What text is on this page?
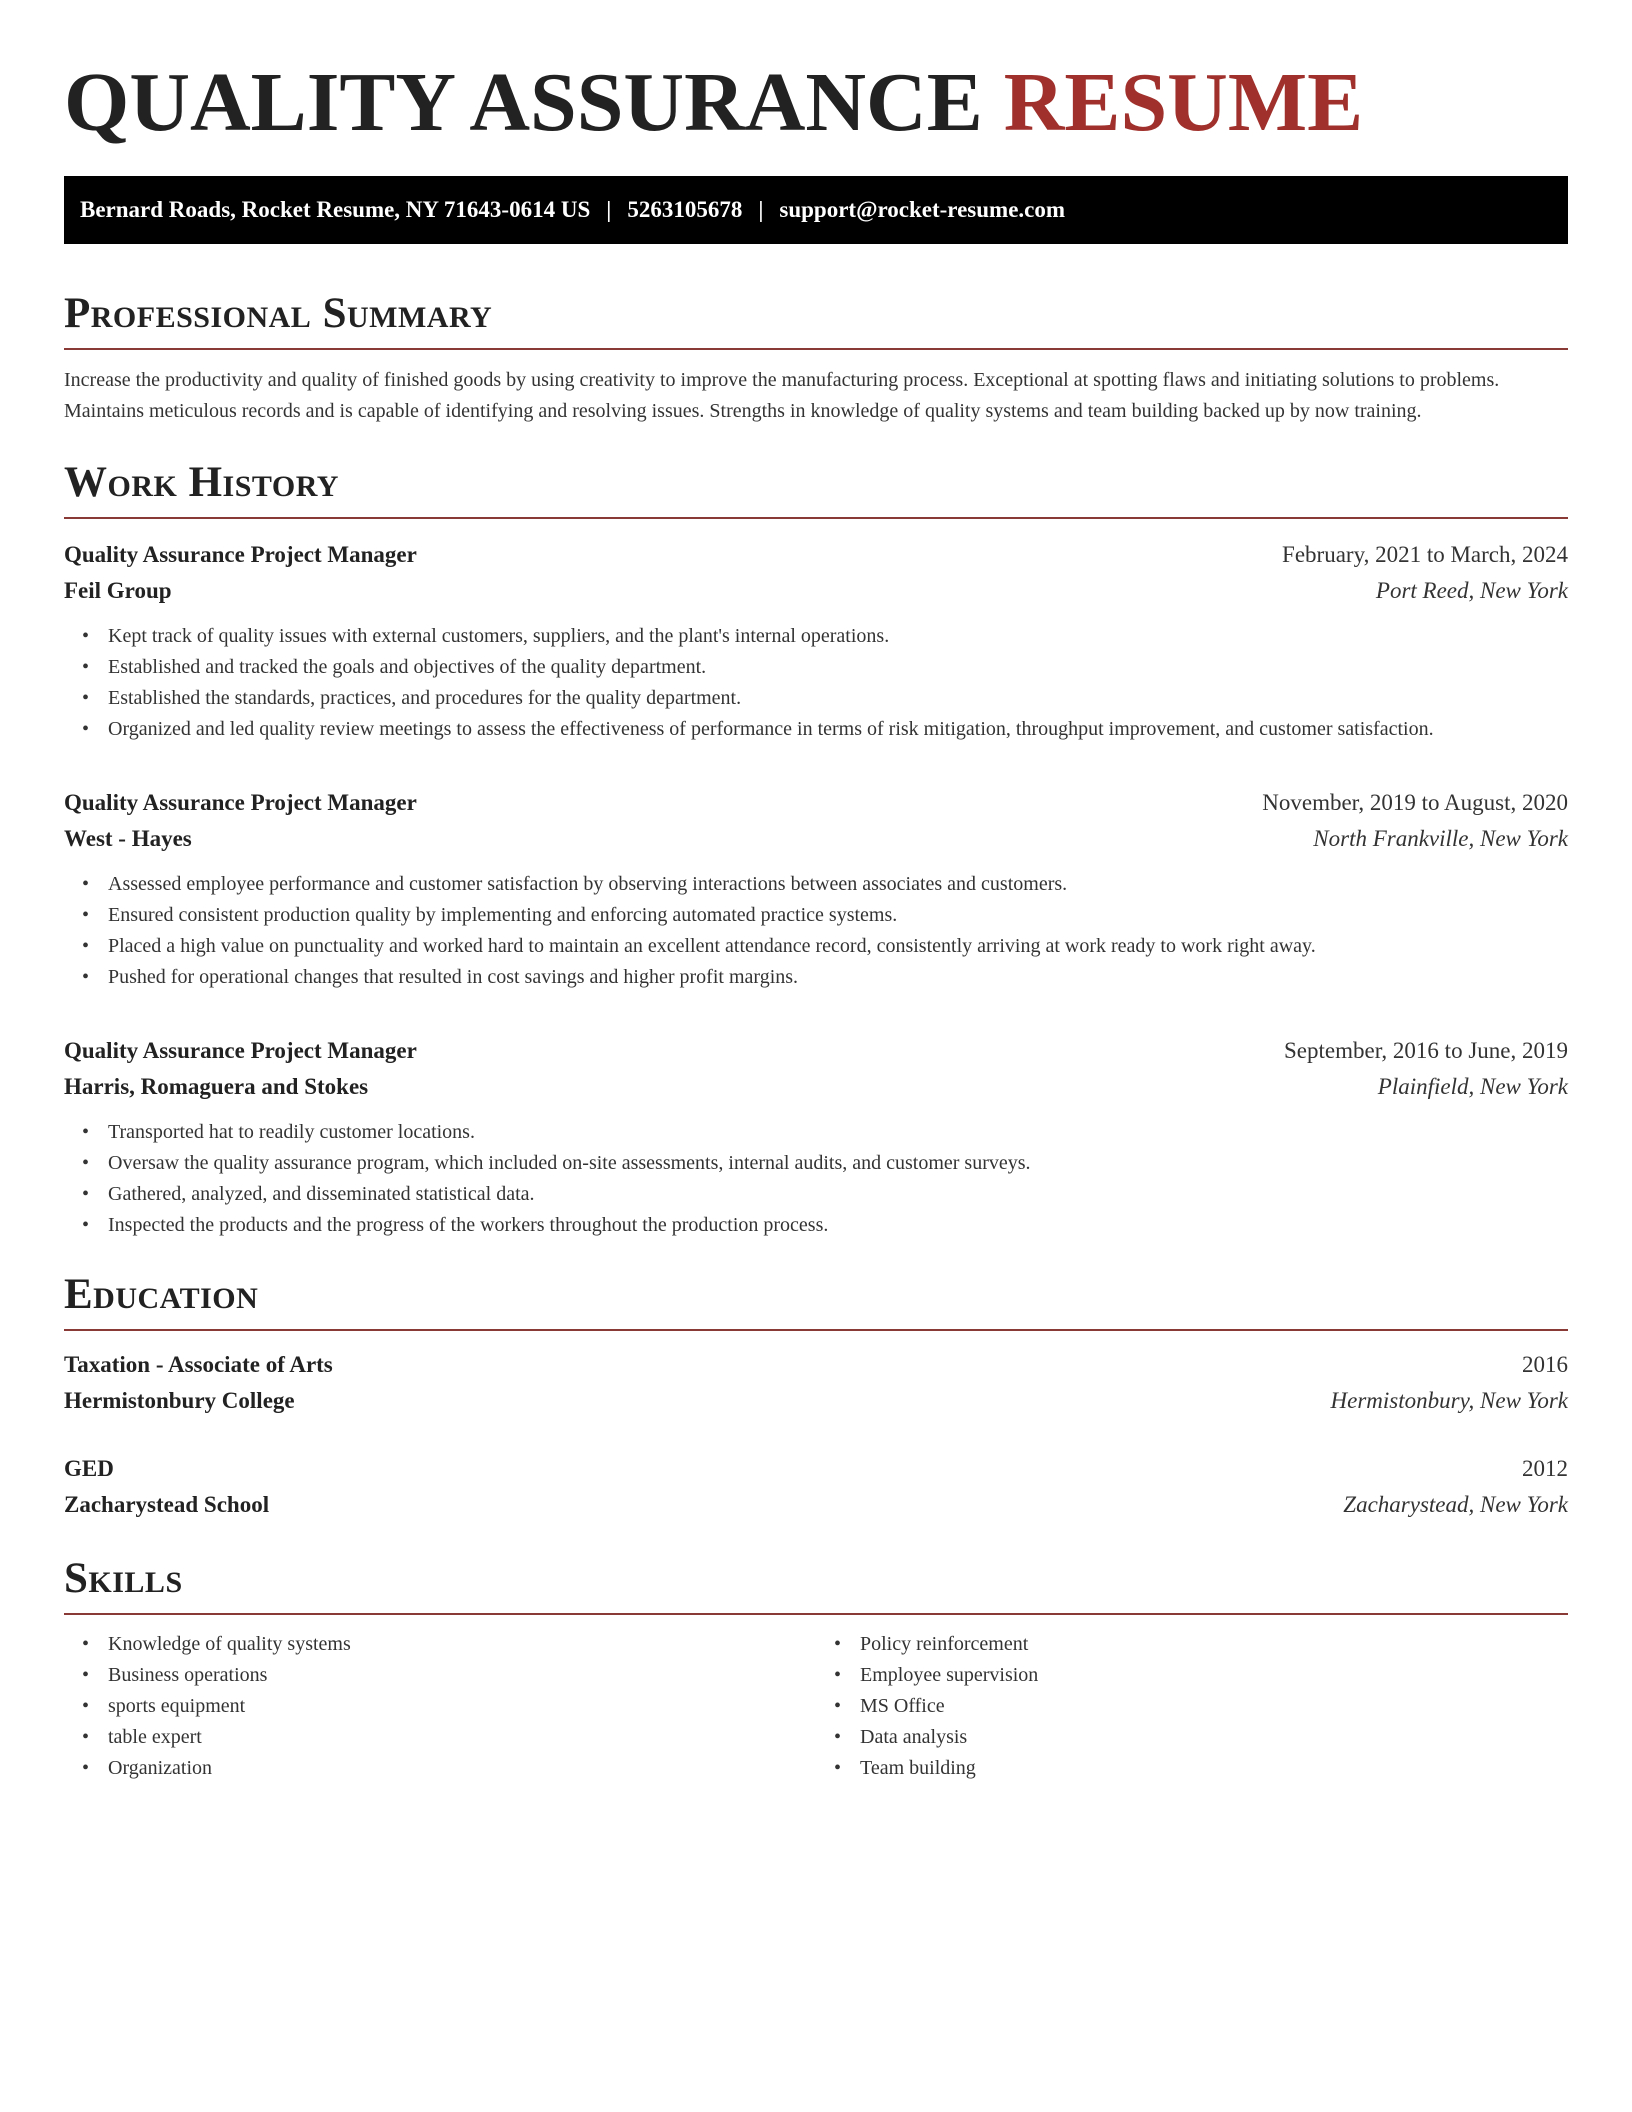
QUALITY ASSURANCE RESUME
Bernard Roads, Rocket Resume, NY 71643-0614 US | 5263105678 | support@rocket-resume.com
Professional Summary

Increase the productivity and quality of finished goods by using creativity to improve the manufacturing process. Exceptional at spotting flaws and initiating solutions to problems. Maintains meticulous records and is capable of identifying and resolving issues. Strengths in knowledge of quality systems and team building backed up by now training.

Work History
Quality Assurance Project Manager	February, 2021 to March, 2024
Feil Group	Port Reed, New York
• Kept track of quality issues with external customers, suppliers, and the plant's internal operations.
• Established and tracked the goals and objectives of the quality department.
• Established the standards, practices, and procedures for the quality department.
• Organized and led quality review meetings to assess the effectiveness of performance in terms of risk mitigation, throughput improvement, and customer satisfaction.
Quality Assurance Project Manager	November, 2019 to August, 2020
West - Hayes	North Frankville, New York
• Assessed employee performance and customer satisfaction by observing interactions between associates and customers.
• Ensured consistent production quality by implementing and enforcing automated practice systems.
• Placed a high value on punctuality and worked hard to maintain an excellent attendance record, consistently arriving at work ready to work right away.
• Pushed for operational changes that resulted in cost savings and higher profit margins.
Quality Assurance Project Manager	September, 2016 to June, 2019
Harris, Romaguera and Stokes	Plainfield, New York
• Transported hat to readily customer locations.
• Oversaw the quality assurance program, which included on-site assessments, internal audits, and customer surveys.
• Gathered, analyzed, and disseminated statistical data.
• Inspected the products and the progress of the workers throughout the production process.
Education
Taxation - Associate of Arts	2016
Hermistonbury College	Hermistonbury, New York
GED	2012
Zacharystead School	Zacharystead, New York
Skills
• Knowledge of quality systems
• Business operations
• sports equipment
• table expert
• Organization
• Policy reinforcement
• Employee supervision
• MS Office
• Data analysis
• Team building
